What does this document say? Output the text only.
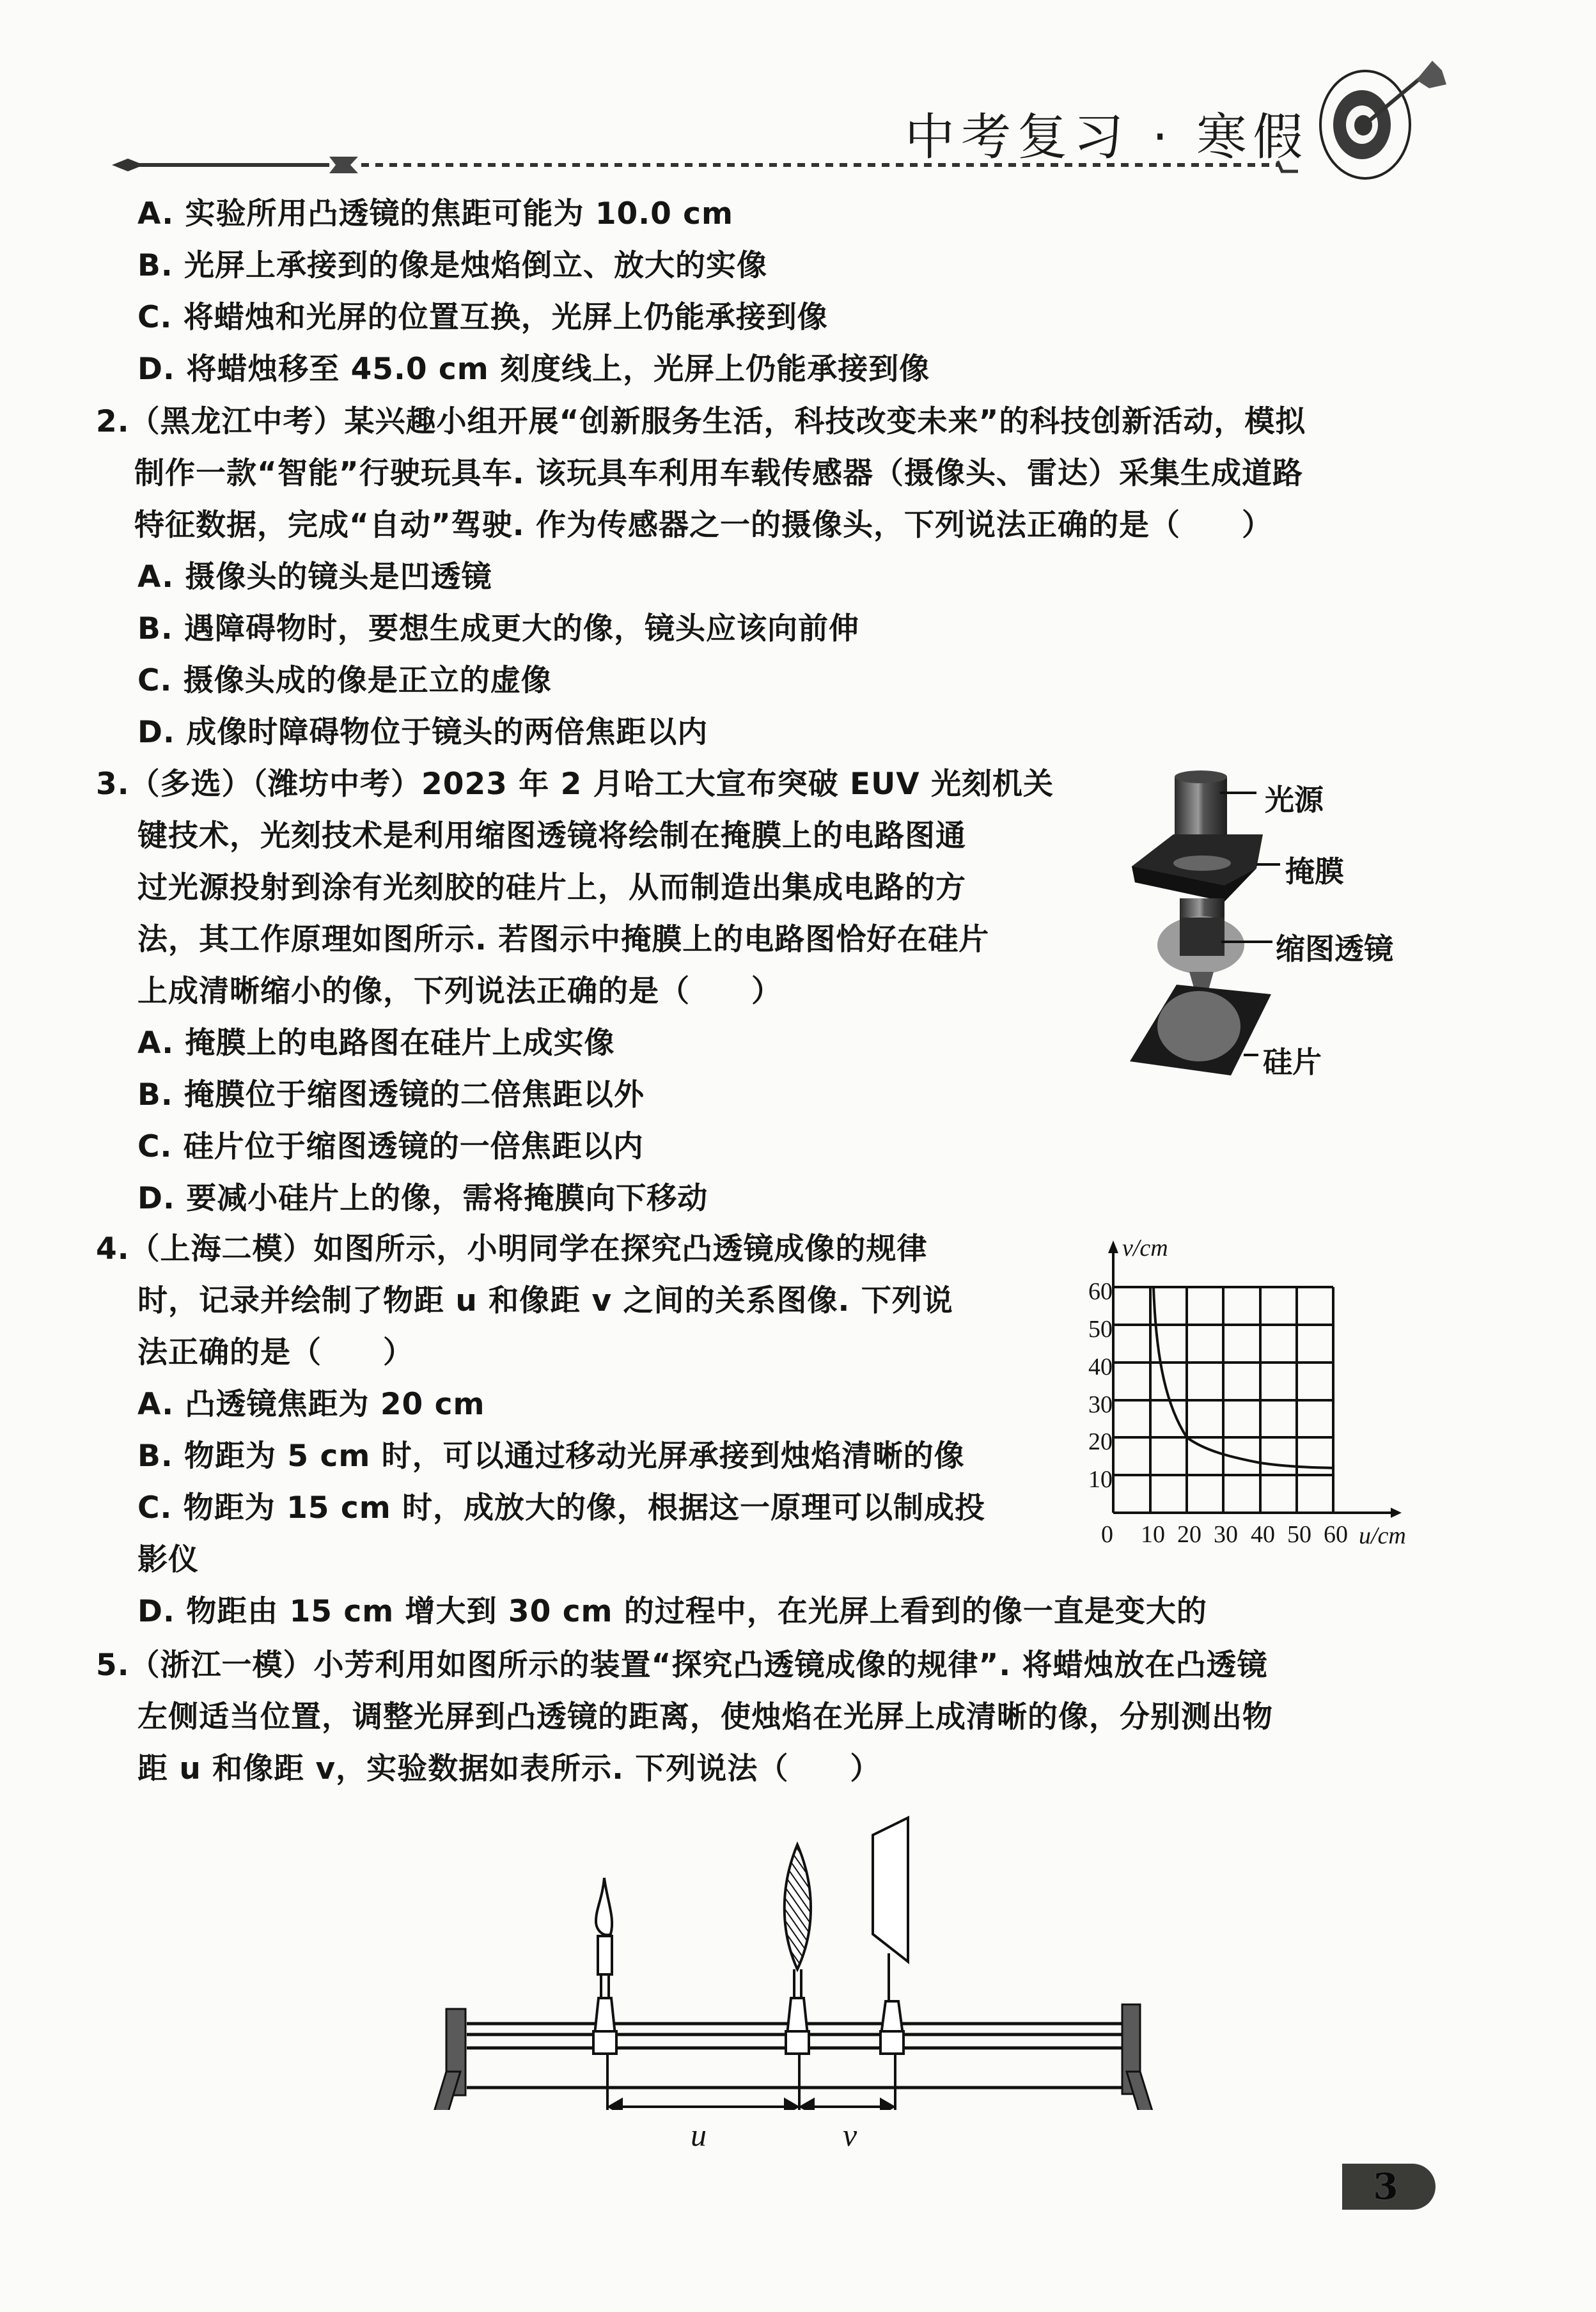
中考复习 · 寒假
A. 实验所用凸透镜的焦距可能为 10.0 cm
B. 光屏上承接到的像是烛焰倒立、放大的实像
C. 将蜡烛和光屏的位置互换，光屏上仍能承接到像
D. 将蜡烛移至 45.0 cm 刻度线上，光屏上仍能承接到像
2.（黑龙江中考）某兴趣小组开展“创新服务生活，科技改变未来”的科技创新活动，模拟
制作一款“智能”行驶玩具车. 该玩具车利用车载传感器（摄像头、雷达）采集生成道路
特征数据，完成“自动”驾驶. 作为传感器之一的摄像头，下列说法正确的是（　　）
A. 摄像头的镜头是凹透镜
B. 遇障碍物时，要想生成更大的像，镜头应该向前伸
C. 摄像头成的像是正立的虚像
D. 成像时障碍物位于镜头的两倍焦距以内
3.（多选）（潍坊中考）2023 年 2 月哈工大宣布突破 EUV 光刻机关
键技术，光刻技术是利用缩图透镜将绘制在掩膜上的电路图通
过光源投射到涂有光刻胶的硅片上，从而制造出集成电路的方
法，其工作原理如图所示. 若图示中掩膜上的电路图恰好在硅片
上成清晰缩小的像，下列说法正确的是（　　）
A. 掩膜上的电路图在硅片上成实像
B. 掩膜位于缩图透镜的二倍焦距以外
C. 硅片位于缩图透镜的一倍焦距以内
D. 要减小硅片上的像，需将掩膜向下移动
光源
掩膜
缩图透镜
硅片
4.（上海二模）如图所示，小明同学在探究凸透镜成像的规律
时，记录并绘制了物距 u 和像距 v 之间的关系图像. 下列说
法正确的是（　　）
A. 凸透镜焦距为 20 cm
B. 物距为 5 cm 时，可以通过移动光屏承接到烛焰清晰的像
C. 物距为 15 cm 时，成放大的像，根据这一原理可以制成投
影仪
D. 物距由 15 cm 增大到 30 cm 的过程中，在光屏上看到的像一直是变大的
60
50
40
30
20
10
0 10 20 30 40 50 60 u/cm
v/cm
5.（浙江一模）小芳利用如图所示的装置“探究凸透镜成像的规律”. 将蜡烛放在凸透镜
左侧适当位置，调整光屏到凸透镜的距离，使烛焰在光屏上成清晰的像，分别测出物
距 u 和像距 v，实验数据如表所示. 下列说法（　　）
u	v
3
